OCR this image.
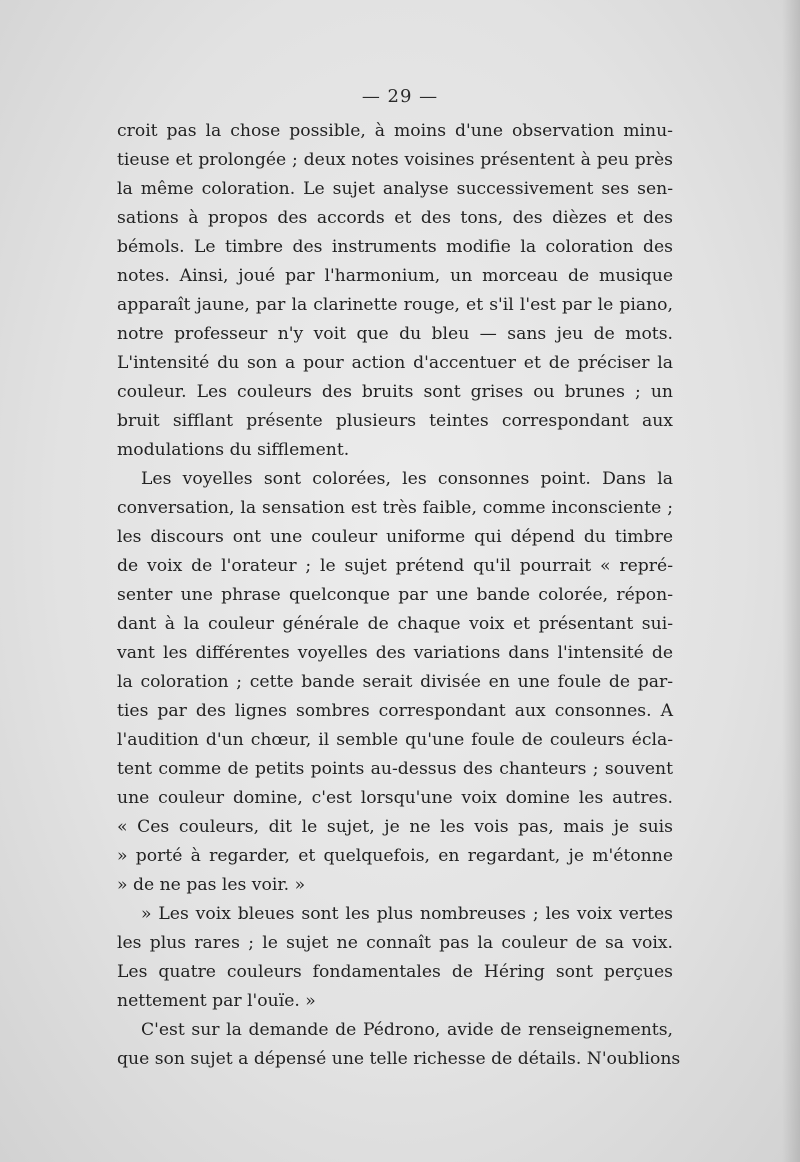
— 29 —
croit pas la chose possible, à moins d'une observation minu-
tieuse et prolongée ; deux notes voisines présentent à peu près
la même coloration. Le sujet analyse successivement ses sen-
sations à propos des accords et des tons, des dièzes et des
bémols. Le timbre des instruments modifie la coloration des
notes. Ainsi, joué par l'harmonium, un morceau de musique
apparaît jaune, par la clarinette rouge, et s'il l'est par le piano,
notre professeur n'y voit que du bleu — sans jeu de mots.
L'intensité du son a pour action d'accentuer et de préciser la
couleur. Les couleurs des bruits sont grises ou brunes ; un
bruit sifflant présente plusieurs teintes correspondant aux
modulations du sifflement.
Les voyelles sont colorées, les consonnes point. Dans la
conversation, la sensation est très faible, comme inconsciente ;
les discours ont une couleur uniforme qui dépend du timbre
de voix de l'orateur ; le sujet prétend qu'il pourrait « repré-
senter une phrase quelconque par une bande colorée, répon-
dant à la couleur générale de chaque voix et présentant sui-
vant les différentes voyelles des variations dans l'intensité de
la coloration ; cette bande serait divisée en une foule de par-
ties par des lignes sombres correspondant aux consonnes. A
l'audition d'un chœur, il semble qu'une foule de couleurs écla-
tent comme de petits points au-dessus des chanteurs ; souvent
une couleur domine, c'est lorsqu'une voix domine les autres.
« Ces couleurs, dit le sujet, je ne les vois pas, mais je suis
» porté à regarder, et quelquefois, en regardant, je m'étonne
» de ne pas les voir. »
» Les voix bleues sont les plus nombreuses ; les voix vertes
les plus rares ; le sujet ne connaît pas la couleur de sa voix.
Les quatre couleurs fondamentales de Héring sont perçues
nettement par l'ouïe. »
C'est sur la demande de Pédrono, avide de renseignements,
que son sujet a dépensé une telle richesse de détails. N'oublions
